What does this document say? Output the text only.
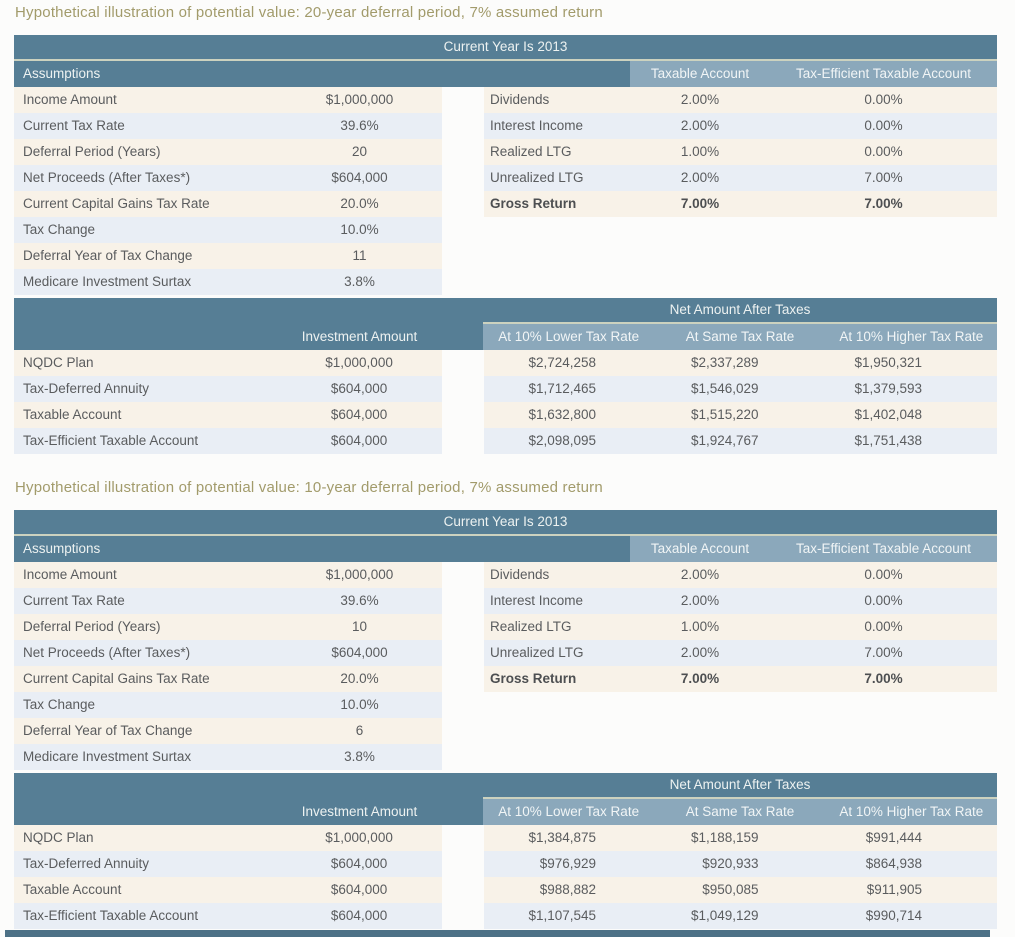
Hypothetical illustration of potential value: 20-year deferral period, 7% assumed return
Current Year Is 2013
Assumptions	Taxable Account	Tax-Efficient Taxable Account
Income Amount	$1,000,000
Current Tax Rate	39.6%
Deferral Period (Years)	20
Net Proceeds (After Taxes*)	$604,000
Current Capital Gains Tax Rate	20.0%
Tax Change	10.0%
Deferral Year of Tax Change	11
Medicare Investment Surtax	3.8%
Dividends	2.00%	0.00%
Interest Income	2.00%	0.00%
Realized LTG	1.00%	0.00%
Unrealized LTG	2.00%	7.00%
Gross Return	7.00%	7.00%
Investment Amount
Net Amount After Taxes
At 10% Lower Tax Rate	At Same Tax Rate	At 10% Higher Tax Rate
NQDC Plan	$1,000,000	$2,724,258	$2,337,289	$1,950,321
Tax-Deferred Annuity	$604,000	$1,712,465	$1,546,029	$1,379,593
Taxable Account	$604,000	$1,632,800	$1,515,220	$1,402,048
Tax-Efficient Taxable Account	$604,000	$2,098,095	$1,924,767	$1,751,438
Hypothetical illustration of potential value: 10-year deferral period, 7% assumed return
Current Year Is 2013
Assumptions	Taxable Account	Tax-Efficient Taxable Account
Income Amount	$1,000,000
Current Tax Rate	39.6%
Deferral Period (Years)	10
Net Proceeds (After Taxes*)	$604,000
Current Capital Gains Tax Rate	20.0%
Tax Change	10.0%
Deferral Year of Tax Change	6
Medicare Investment Surtax	3.8%
Dividends	2.00%	0.00%
Interest Income	2.00%	0.00%
Realized LTG	1.00%	0.00%
Unrealized LTG	2.00%	7.00%
Gross Return	7.00%	7.00%
Investment Amount
Net Amount After Taxes
At 10% Lower Tax Rate	At Same Tax Rate	At 10% Higher Tax Rate
NQDC Plan	$1,000,000	$1,384,875	$1,188,159	$991,444
Tax-Deferred Annuity	$604,000	$976,929	$920,933	$864,938
Taxable Account	$604,000	$988,882	$950,085	$911,905
Tax-Efficient Taxable Account	$604,000	$1,107,545	$1,049,129	$990,714
